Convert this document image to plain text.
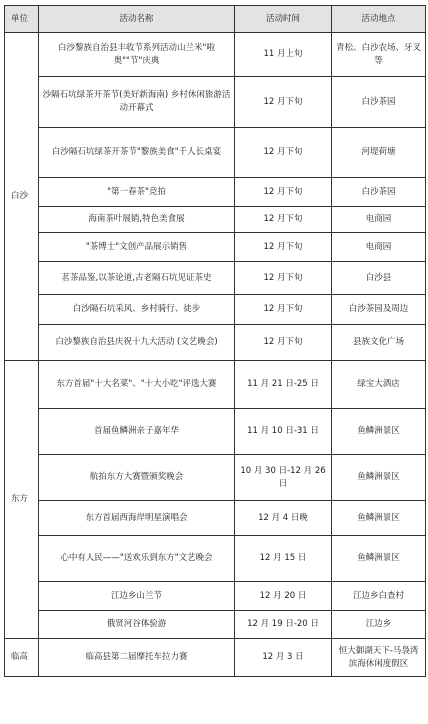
单位	活动名称	活动时间	活动地点
白沙	白沙黎族自治县丰收节系列活动山兰米"啦奥""节"庆典	11 月上旬	青松、白沙农场、牙叉等
	沙隔石坑绿茶开茶节(美好新海南) 乡村休闲旅游活动开幕式	12 月下旬	白沙茶园
	白沙隔石坑绿茶开茶节"黎族美食"千人长桌宴	12 月下旬	河堤荷塘
	"第一春茶"竞拍	12 月下旬	白沙茶园
	海南茶叶展销,特色美食展	12 月下旬	电商园
	"茶博士"文创产品展示销售	12 月下旬	电商园
	茗茶品鉴,以茶论道,古老隔石坑见证茶史	12 月下旬	白沙县
	白沙隔石坑采风、乡村骑行、徒步	12 月下旬	白沙茶园及周边
	白沙黎族自治县庆祝十九大活动 (文艺晚会)	12 月下旬	县族文化广场
东方	东方首届"十大名菜"、"十大小吃"评选大赛	11 月 21 日-25 日	绿宝大酒店
	首届鱼鳞洲亲子嘉年华	11 月 10 日-31 日	鱼鳞洲景区
	航拍东方大赛暨颁奖晚会	10 月 30 日-12 月 26 日	鱼鳞洲景区
	东方首届西海岸明星演唱会	12 月 4 日晚	鱼鳞洲景区
	心中有人民——"送欢乐到东方"文艺晚会	12 月 15 日	鱼鳞洲景区
	江边乡山兰节	12 月 20 日	江边乡白查村
	俄贤河谷体验游	12 月 19 日-20 日	江边乡
临高	临高县第二届摩托车拉力赛	12 月 3 日	恒大御湖天下-马袅湾滨海休闲度假区
